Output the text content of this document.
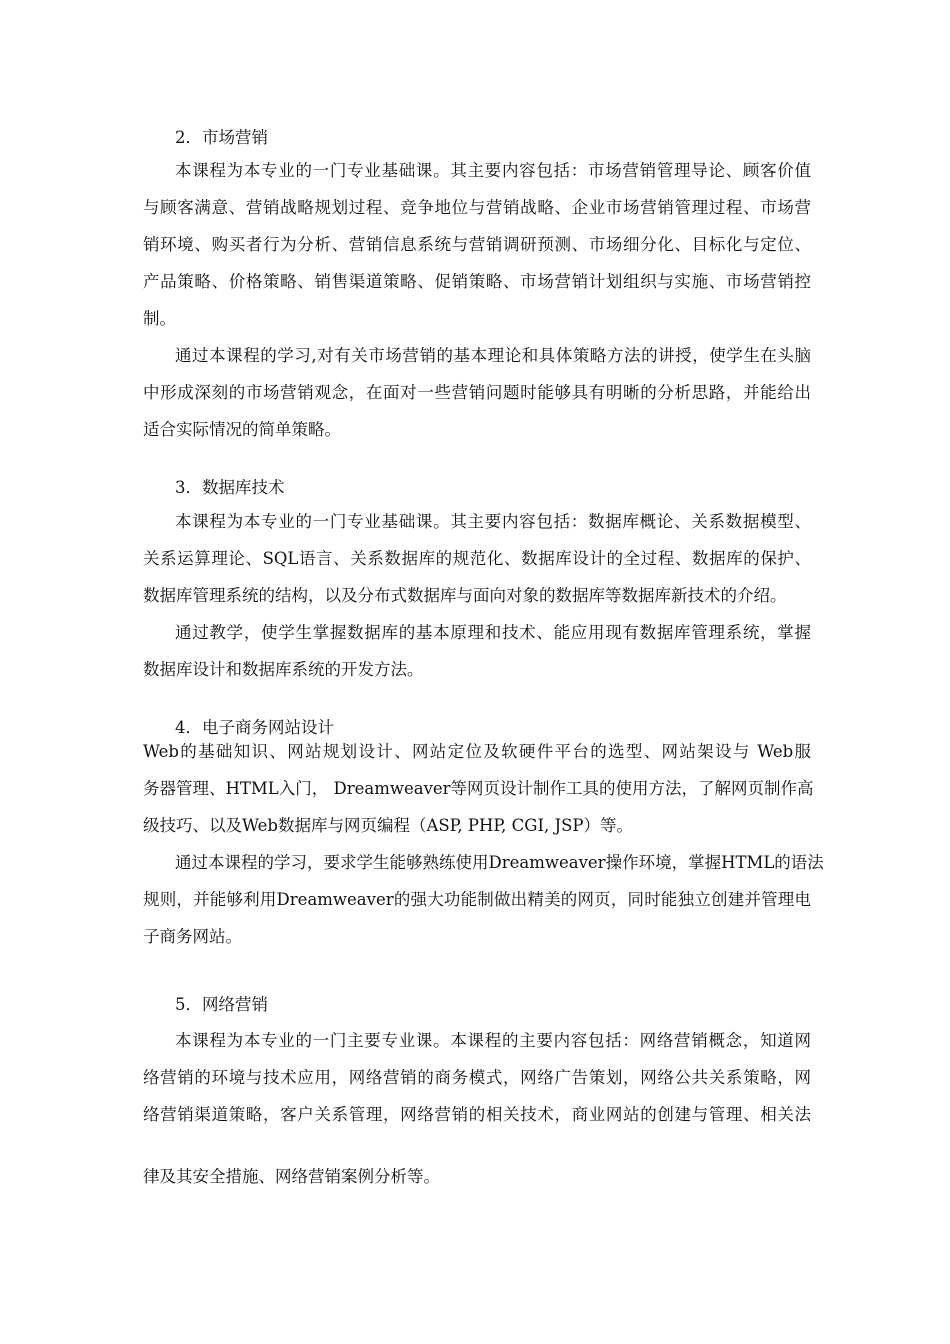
2．市场营销
本课程为本专业的一门专业基础课。其主要内容包括：市场营销管理导论、顾客价值
与顾客满意、营销战略规划过程、竞争地位与营销战略、企业市场营销管理过程、市场营
销环境、购买者行为分析、营销信息系统与营销调研预测、市场细分化、目标化与定位、
产品策略、价格策略、销售渠道策略、促销策略、市场营销计划组织与实施、市场营销控
制。
通过本课程的学习,对有关市场营销的基本理论和具体策略方法的讲授，使学生在头脑
中形成深刻的市场营销观念，在面对一些营销问题时能够具有明晰的分析思路，并能给出
适合实际情况的简单策略。
3．数据库技术
本课程为本专业的一门专业基础课。其主要内容包括：数据库概论、关系数据模型、
关系运算理论、SQL语言、关系数据库的规范化、数据库设计的全过程、数据库的保护、
数据库管理系统的结构，以及分布式数据库与面向对象的数据库等数据库新技术的介绍。
通过教学，使学生掌握数据库的基本原理和技术、能应用现有数据库管理系统，掌握
数据库设计和数据库系统的开发方法。
4．电子商务网站设计
Web的基础知识、网站规划设计、网站定位及软硬件平台的选型、网站架设与 Web服
务器管理、HTML入门， Dreamweaver等网页设计制作工具的使用方法，了解网页制作高
级技巧、以及Web数据库与网页编程（ASP, PHP, CGI, JSP）等。
通过本课程的学习，要求学生能够熟练使用Dreamweaver操作环境，掌握HTML的语法
规则，并能够利用Dreamweaver的强大功能制做出精美的网页，同时能独立创建并管理电
子商务网站。
5．网络营销
本课程为本专业的一门主要专业课。本课程的主要内容包括：网络营销概念，知道网
络营销的环境与技术应用，网络营销的商务模式，网络广告策划，网络公共关系策略，网
络营销渠道策略，客户关系管理，网络营销的相关技术，商业网站的创建与管理、相关法
律及其安全措施、网络营销案例分析等。
